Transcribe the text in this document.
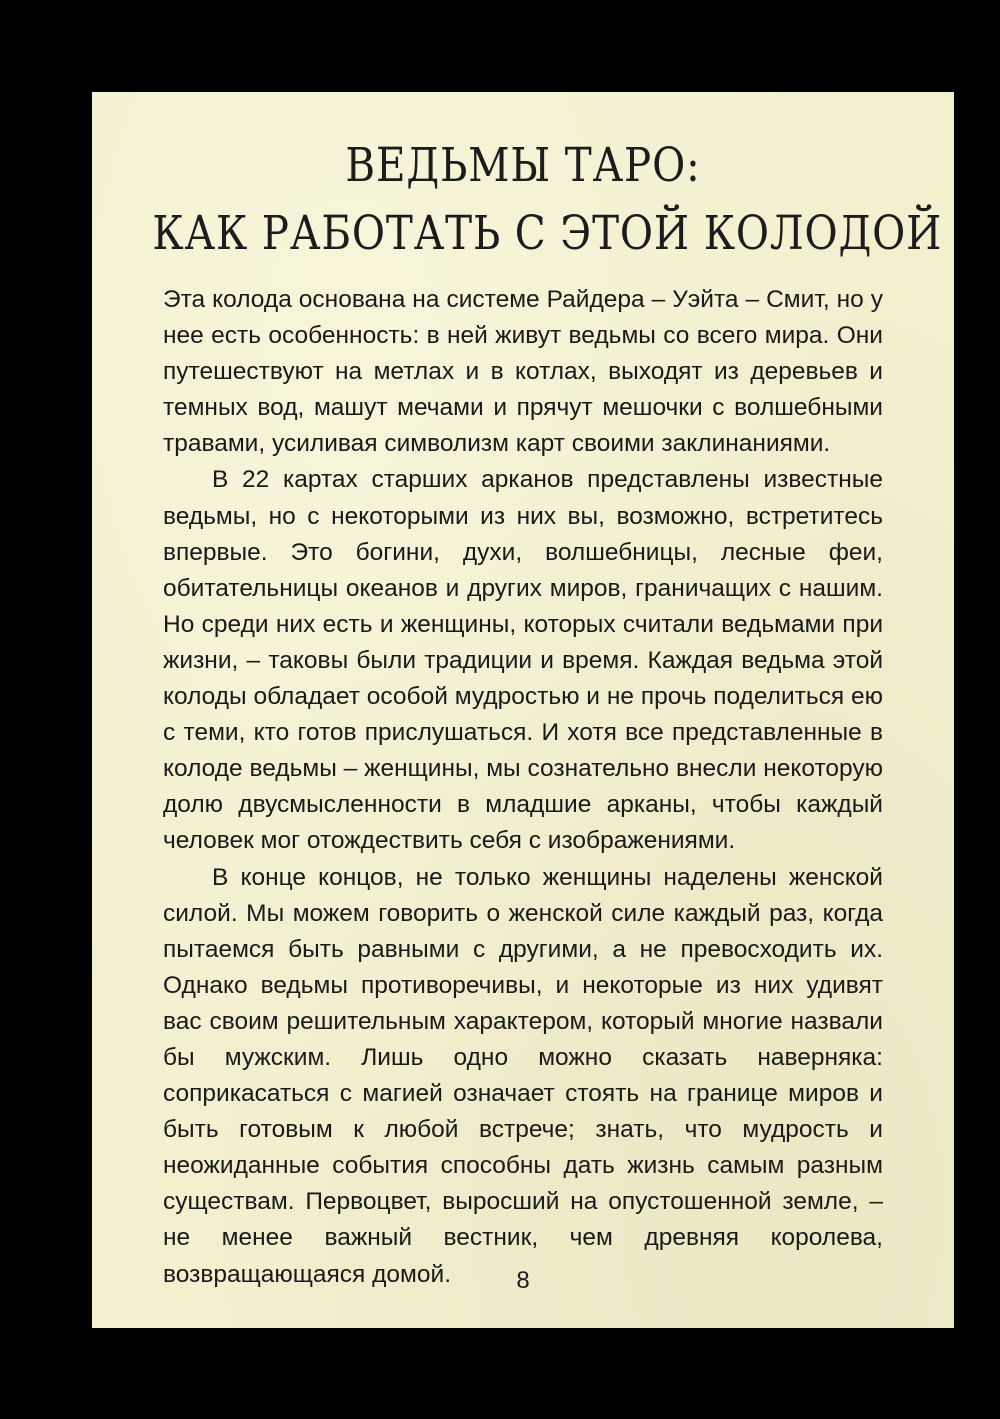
ВЕДЬМЫ ТАРО:
КАК РАБОТАТЬ С ЭТОЙ КОЛОДОЙ

Эта колода основана на системе Райдера – Уэйта – Смит, но у нее есть особенность: в ней живут ведьмы со всего мира. Они путешествуют на метлах и в котлах, выходят из деревьев и темных вод, машут мечами и прячут мешочки с волшебными травами, усиливая символизм карт своими заклинаниями.

В 22 картах старших арканов представлены известные ведьмы, но с некоторыми из них вы, возможно, встретитесь впервые. Это богини, духи, волшебницы, лесные феи, обитательницы океанов и других миров, граничащих с нашим. Но среди них есть и женщины, которых считали ведьмами при жизни, – таковы были традиции и время. Каждая ведьма этой колоды обладает особой мудростью и не прочь поделиться ею с теми, кто готов прислушаться. И хотя все представленные в колоде ведьмы – женщины, мы сознательно внесли некоторую долю двусмысленности в младшие арканы, чтобы каждый человек мог отождествить себя с изображениями.

В конце концов, не только женщины наделены женской силой. Мы можем говорить о женской силе каждый раз, когда пытаемся быть равными с другими, а не превосходить их. Однако ведьмы противоречивы, и некоторые из них удивят вас своим решительным характером, который многие назвали бы мужским. Лишь одно можно сказать наверняка: соприкасаться с магией означает стоять на границе миров и быть готовым к любой встрече; знать, что мудрость и неожиданные события способны дать жизнь самым разным существам. Первоцвет, выросший на опустошенной земле, – не менее важный вестник, чем древняя королева, возвращающаяся домой.	8
